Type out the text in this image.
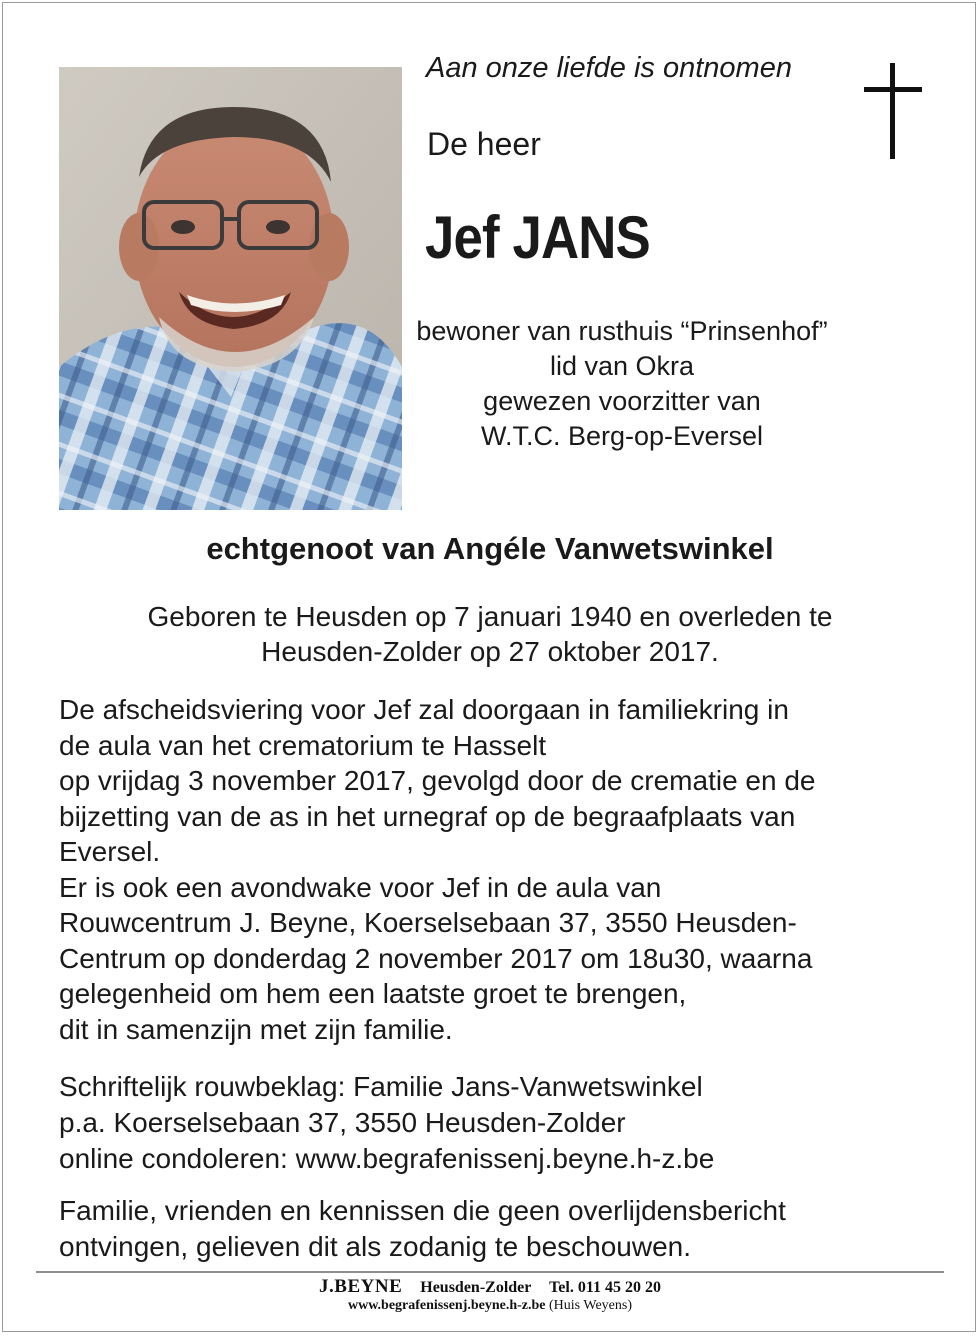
Aan onze liefde is ontnomen
De heer
Jef JANS
bewoner van rusthuis “Prinsenhof”
lid van Okra
gewezen voorzitter van
W.T.C. Berg-op-Eversel
echtgenoot van Angéle Vanwetswinkel
Geboren te Heusden op 7 januari 1940 en overleden te
Heusden-Zolder op 27 oktober 2017.
De afscheidsviering voor Jef zal doorgaan in familiekring in
de aula van het crematorium te Hasselt
op vrijdag 3 november 2017, gevolgd door de crematie en de
bijzetting van de as in het urnegraf op de begraafplaats van
Eversel.
Er is ook een avondwake voor Jef in de aula van
Rouwcentrum J. Beyne, Koerselsebaan 37, 3550 Heusden-
Centrum op donderdag 2 november 2017 om 18u30, waarna
gelegenheid om hem een laatste groet te brengen,
dit in samenzijn met zijn familie.
Schriftelijk rouwbeklag: Familie Jans-Vanwetswinkel
p.a. Koerselsebaan 37, 3550 Heusden-Zolder
online condoleren: www.begrafenissenj.beyne.h-z.be
Familie, vrienden en kennissen die geen overlijdensbericht
ontvingen, gelieven dit als zodanig te beschouwen.
J.BEYNE Heusden-Zolder Tel. 011 45 20 20
www.begrafenissenj.beyne.h-z.be (Huis Weyens)
